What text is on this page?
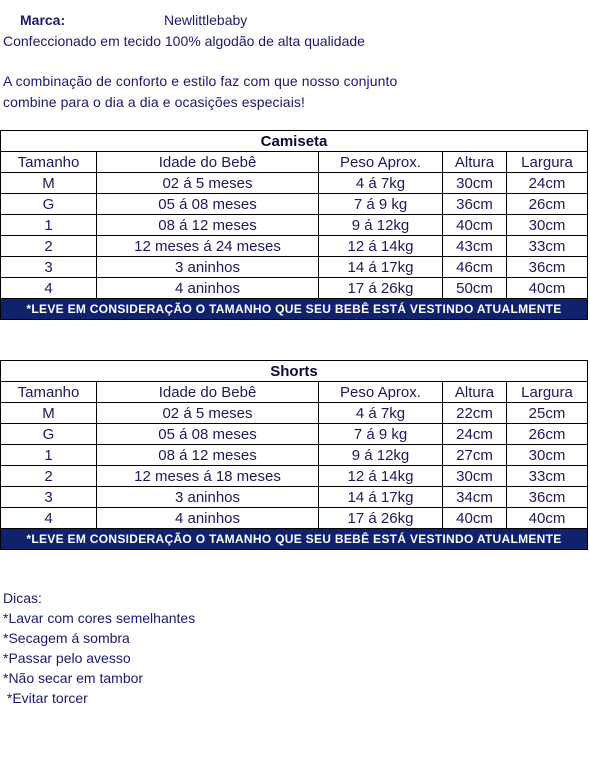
Marca:	Newlittlebaby
Confeccionado em tecido 100% algodão de alta qualidade
A combinação de conforto e estilo faz com que nosso conjunto
combine para o dia a dia e ocasições especiais!
Camiseta				
Tamanho	Idade do Bebê	Peso Aprox.	Altura	Largura
M	02 á 5 meses	4 á 7kg	30cm	24cm
G	05 á 08 meses	7 á 9 kg	36cm	26cm
1	08 á 12 meses	9 á 12kg	40cm	30cm
2	12 meses á 24 meses	12 á 14kg	43cm	33cm
3	3 aninhos	14 á 17kg	46cm	36cm
4	4 aninhos	17 á 26kg	50cm	40cm
*LEVE EM CONSIDERAÇÃO O TAMANHO QUE SEU BEBÊ ESTÁ VESTINDO ATUALMENTE				
Shorts				
Tamanho	Idade do Bebê	Peso Aprox.	Altura	Largura
M	02 á 5 meses	4 á 7kg	22cm	25cm
G	05 á 08 meses	7 á 9 kg	24cm	26cm
1	08 á 12 meses	9 á 12kg	27cm	30cm
2	12 meses á 18 meses	12 á 14kg	30cm	33cm
3	3 aninhos	14 á 17kg	34cm	36cm
4	4 aninhos	17 á 26kg	40cm	40cm
*LEVE EM CONSIDERAÇÃO O TAMANHO QUE SEU BEBÊ ESTÁ VESTINDO ATUALMENTE				
Dicas:
*Lavar com cores semelhantes
*Secagem á sombra
*Passar pelo avesso
*Não secar em tambor
*Evitar torcer
